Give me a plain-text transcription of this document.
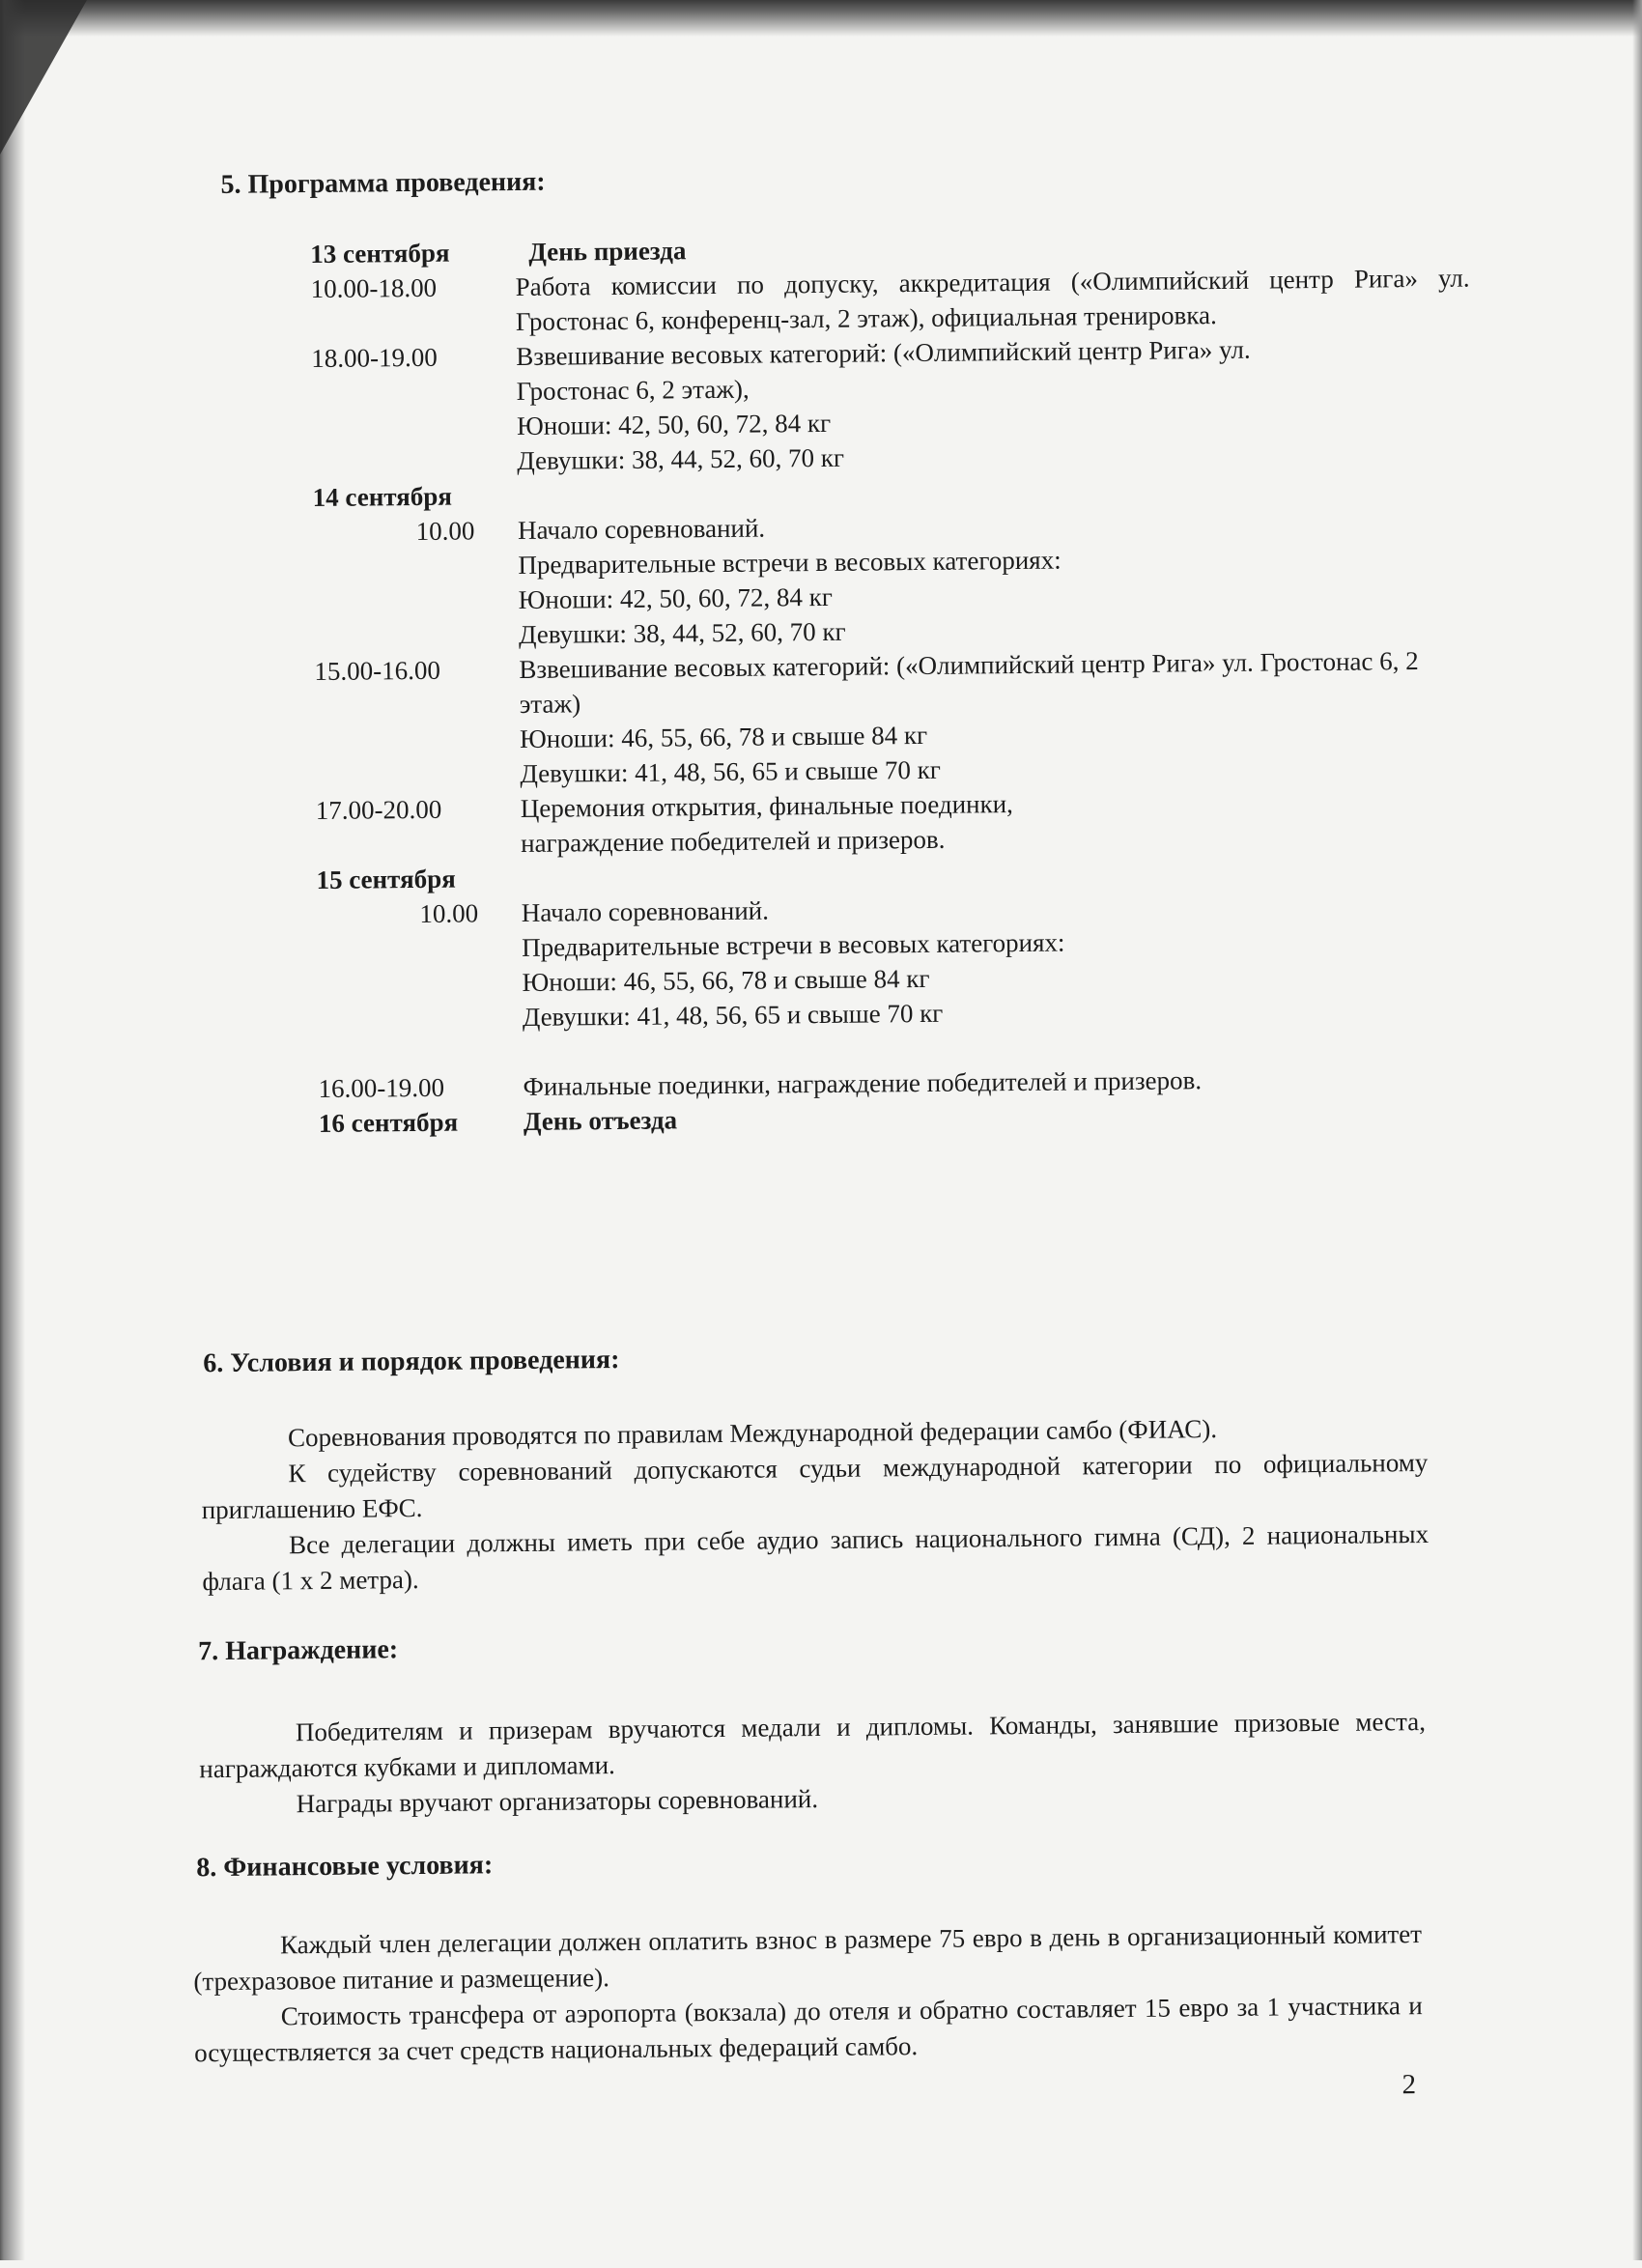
5. Программа проведения:
13 сентября	День приезда
10.00-18.00	Работа комиссии по допуску, аккредитация («Олимпийский центр Рига» ул. Гростонас 6, конференц-зал, 2 этаж), официальная тренировка.
18.00-19.00	Взвешивание весовых категорий: («Олимпийский центр Рига» ул.
Гростонас 6, 2 этаж),
Юноши: 42, 50, 60, 72, 84 кг
Девушки: 38, 44, 52, 60, 70 кг
14 сентября
10.00	Начало соревнований.
Предварительные встречи в весовых категориях:
Юноши: 42, 50, 60, 72, 84 кг
Девушки: 38, 44, 52, 60, 70 кг
15.00-16.00	Взвешивание весовых категорий: («Олимпийский центр Рига» ул. Гростонас 6, 2 этаж)
Юноши: 46, 55, 66, 78 и свыше 84 кг
Девушки: 41, 48, 56, 65 и свыше 70 кг
17.00-20.00	Церемония открытия, финальные поединки,
награждение победителей и призеров.
15 сентября
10.00	Начало соревнований.
Предварительные встречи в весовых категориях:
Юноши: 46, 55, 66, 78 и свыше 84 кг
Девушки: 41, 48, 56, 65 и свыше 70 кг
16.00-19.00	Финальные поединки, награждение победителей и призеров.
16 сентября	День отъезда
6. Условия и порядок проведения:

Соревнования проводятся по правилам Международной федерации самбо (ФИАС).

К судейству соревнований допускаются судьи международной категории по официальному приглашению ЕФС.

Все делегации должны иметь при себе аудио запись национального гимна (СД), 2 национальных флага (1 х 2 метра).

7. Награждение:

Победителям и призерам вручаются медали и дипломы. Команды, занявшие призовые места, награждаются кубками и дипломами.

Награды вручают организаторы соревнований.

8. Финансовые условия:

Каждый член делегации должен оплатить взнос в размере 75 евро в день в организационный комитет (трехразовое питание и размещение).

Стоимость трансфера от аэропорта (вокзала) до отеля и обратно составляет 15 евро за 1 участника и осуществляется за счет средств национальных федераций самбо.

2
